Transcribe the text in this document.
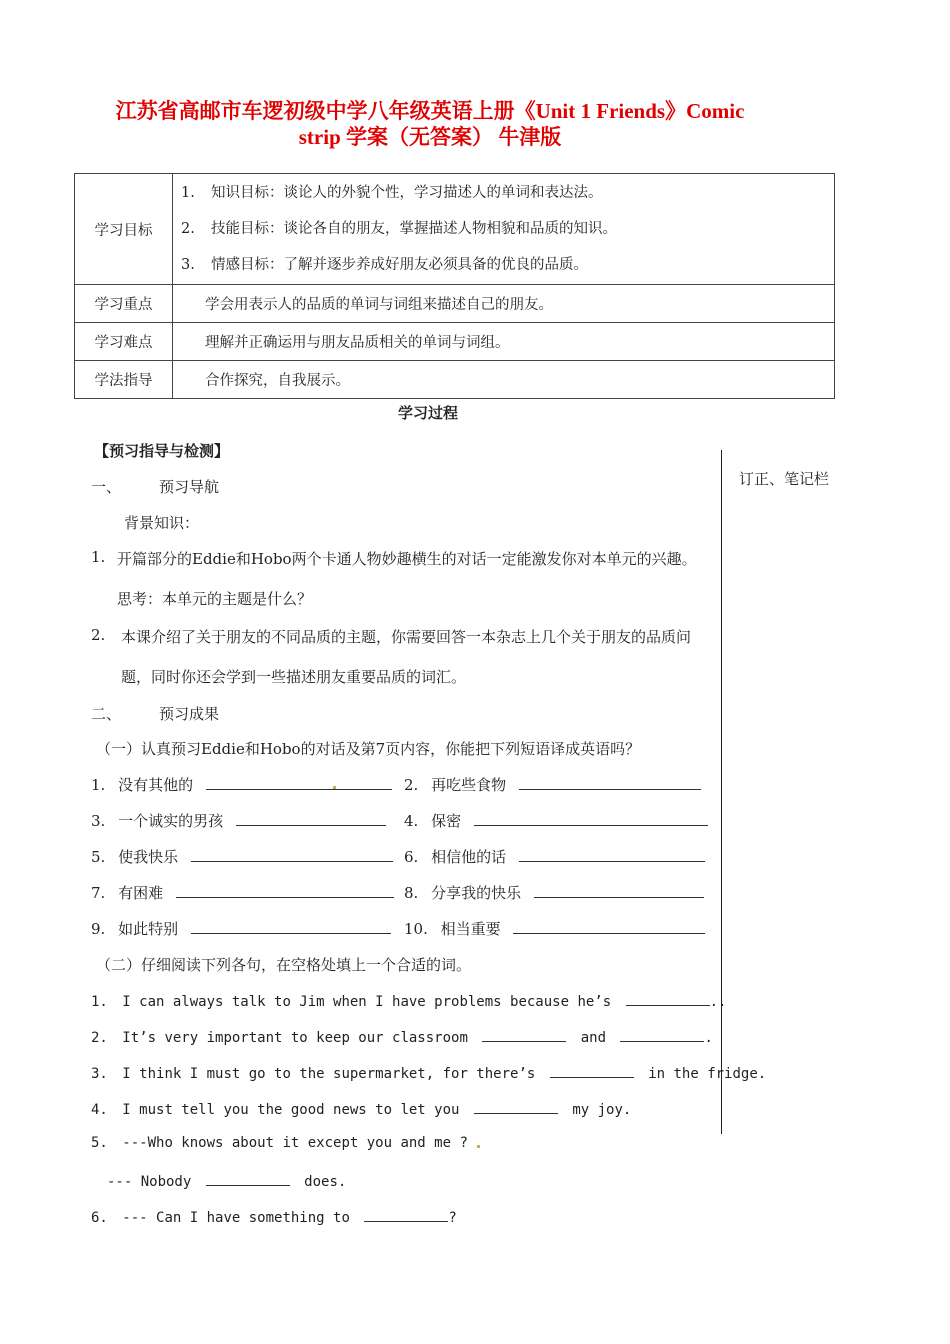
江苏省高邮市车逻初级中学八年级英语上册《Unit 1 Friends》Comic
strip 学案（无答案） 牛津版
学习目标	1. 知识目标：谈论人的外貌个性，学习描述人的单词和表达法。
2. 技能目标：谈论各自的朋友，掌握描述人物相貌和品质的知识。
3. 情感目标：了解并逐步养成好朋友必须具备的优良的品质。

学习重点	学会用表示人的品质的单词与词组来描述自己的朋友。

学习难点	理解并正确运用与朋友品质相关的单词与词组。

学法指导	合作探究，自我展示。
学习过程
【预习指导与检测】
订正、笔记栏
一、	预习导航
背景知识：
1. 开篇部分的Eddie和Hobo两个卡通人物妙趣横生的对话一定能激发你对本单元的兴趣。
思考：本单元的主题是什么？
2. 本课介绍了关于朋友的不同品质的主题，你需要回答一本杂志上几个关于朋友的品质问
题，同时你还会学到一些描述朋友重要品质的词汇。
二、	预习成果
（一）认真预习Eddie和Hobo的对话及第7页内容，你能把下列短语译成英语吗？
1. 没有其他的	2. 再吃些食物
3. 一个诚实的男孩	4. 保密
5. 使我快乐	6. 相信他的话
7. 有困难	8. 分享我的快乐
9. 如此特别	10. 相当重要
（二）仔细阅读下列各句，在空格处填上一个合适的词。
1. I can always talk to Jim when I have problems because he’s	..
2. It’s very important to keep our classroom	and	.
3. I think I must go to the supermarket, for there’s	in the fridge.
4. I must tell you the good news to let you	my joy.
5. ---Who knows about it except you and me ?
--- Nobody	does.
6. --- Can I have something to	?
